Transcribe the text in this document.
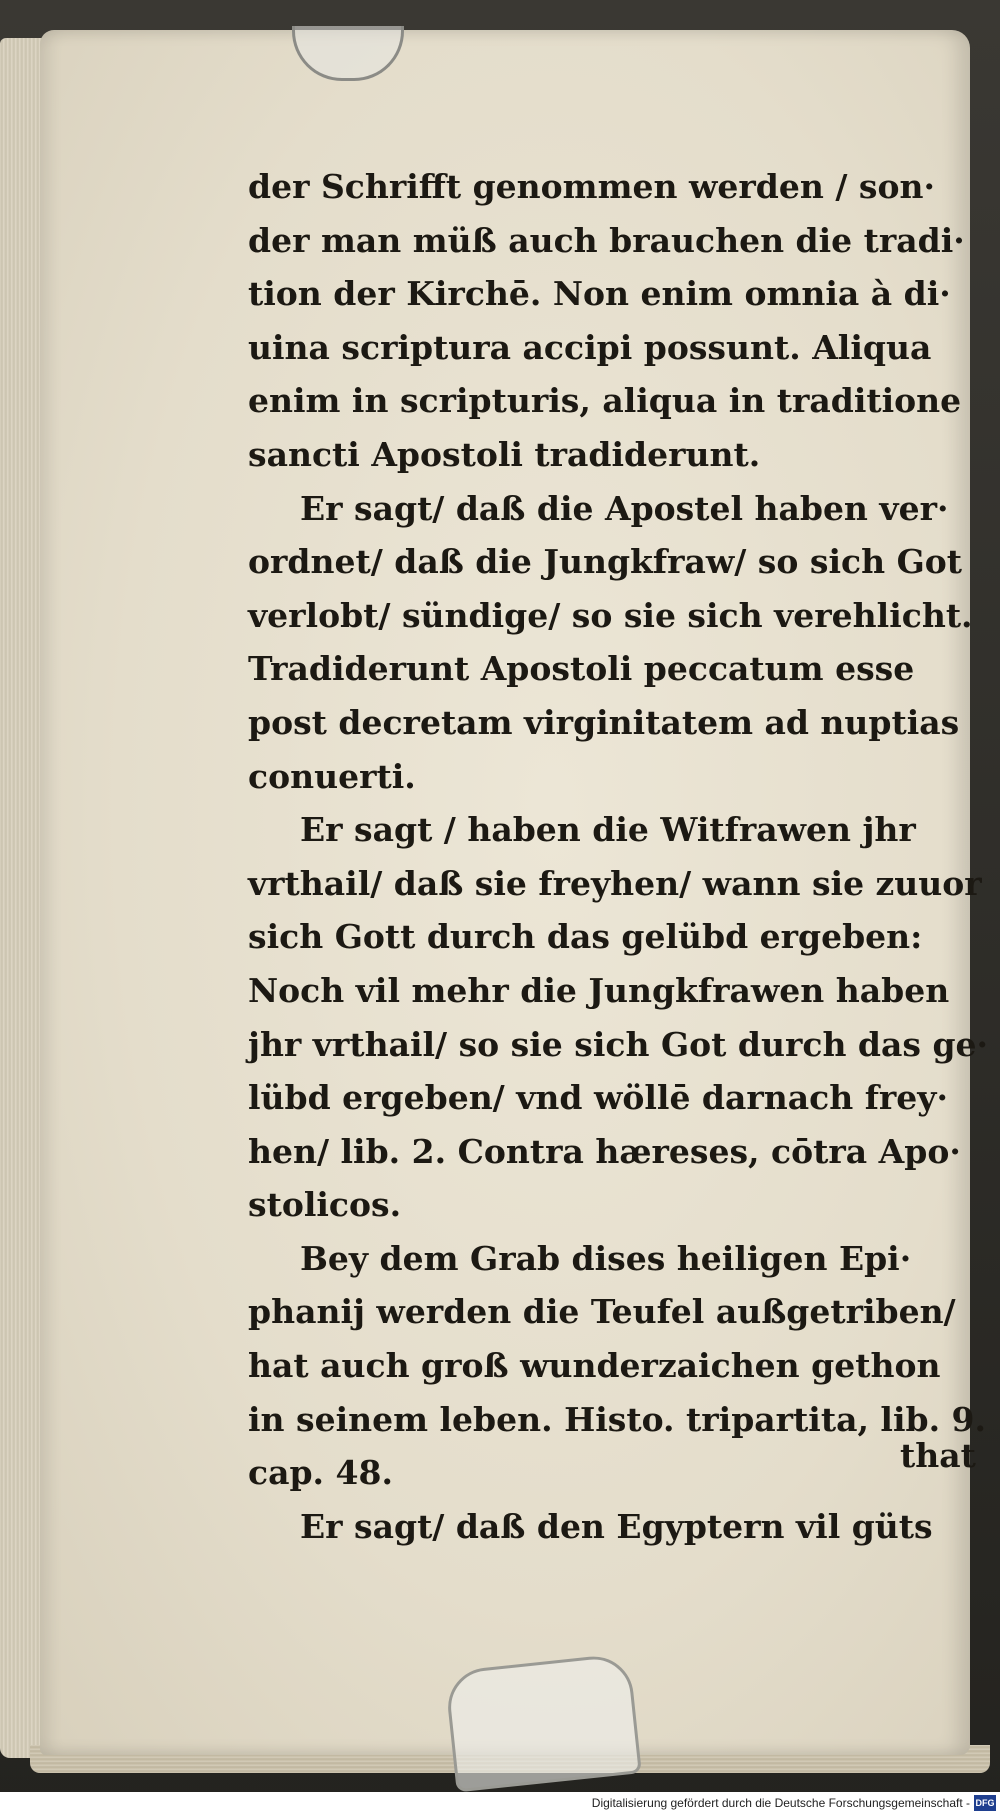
der Schrifft genommen werden / son·
der man müß auch brauchen die tradi·
tion der Kirchē. Non enim omnia à di·
uina scriptura accipi possunt. Aliqua
enim in scripturis, aliqua in traditione
sancti Apostoli tradiderunt.
Er sagt/ daß die Apostel haben ver·
ordnet/ daß die Jungkfraw/ so sich Got
verlobt/ sündige/ so sie sich verehlicht.
Tradiderunt Apostoli peccatum esse
post decretam virginitatem ad nuptias
conuerti.
Er sagt / haben die Witfrawen jhr
vrthail/ daß sie freyhen/ wann sie zuuor
sich Gott durch das gelübd ergeben:
Noch vil mehr die Jungkfrawen haben
jhr vrthail/ so sie sich Got durch das ge·
lübd ergeben/ vnd wöllē darnach frey·
hen/ lib. 2. Contra hæreses, cōtra Apo·
stolicos.
Bey dem Grab dises heiligen Epi·
phanij werden die Teufel außgetriben/
hat auch groß wunderzaichen gethon
in seinem leben. Histo. tripartita, lib. 9.
cap. 48.
Er sagt/ daß den Egyptern vil güts
that
Digitalisierung gefördert durch die Deutsche Forschungsgemeinschaft - DFG
